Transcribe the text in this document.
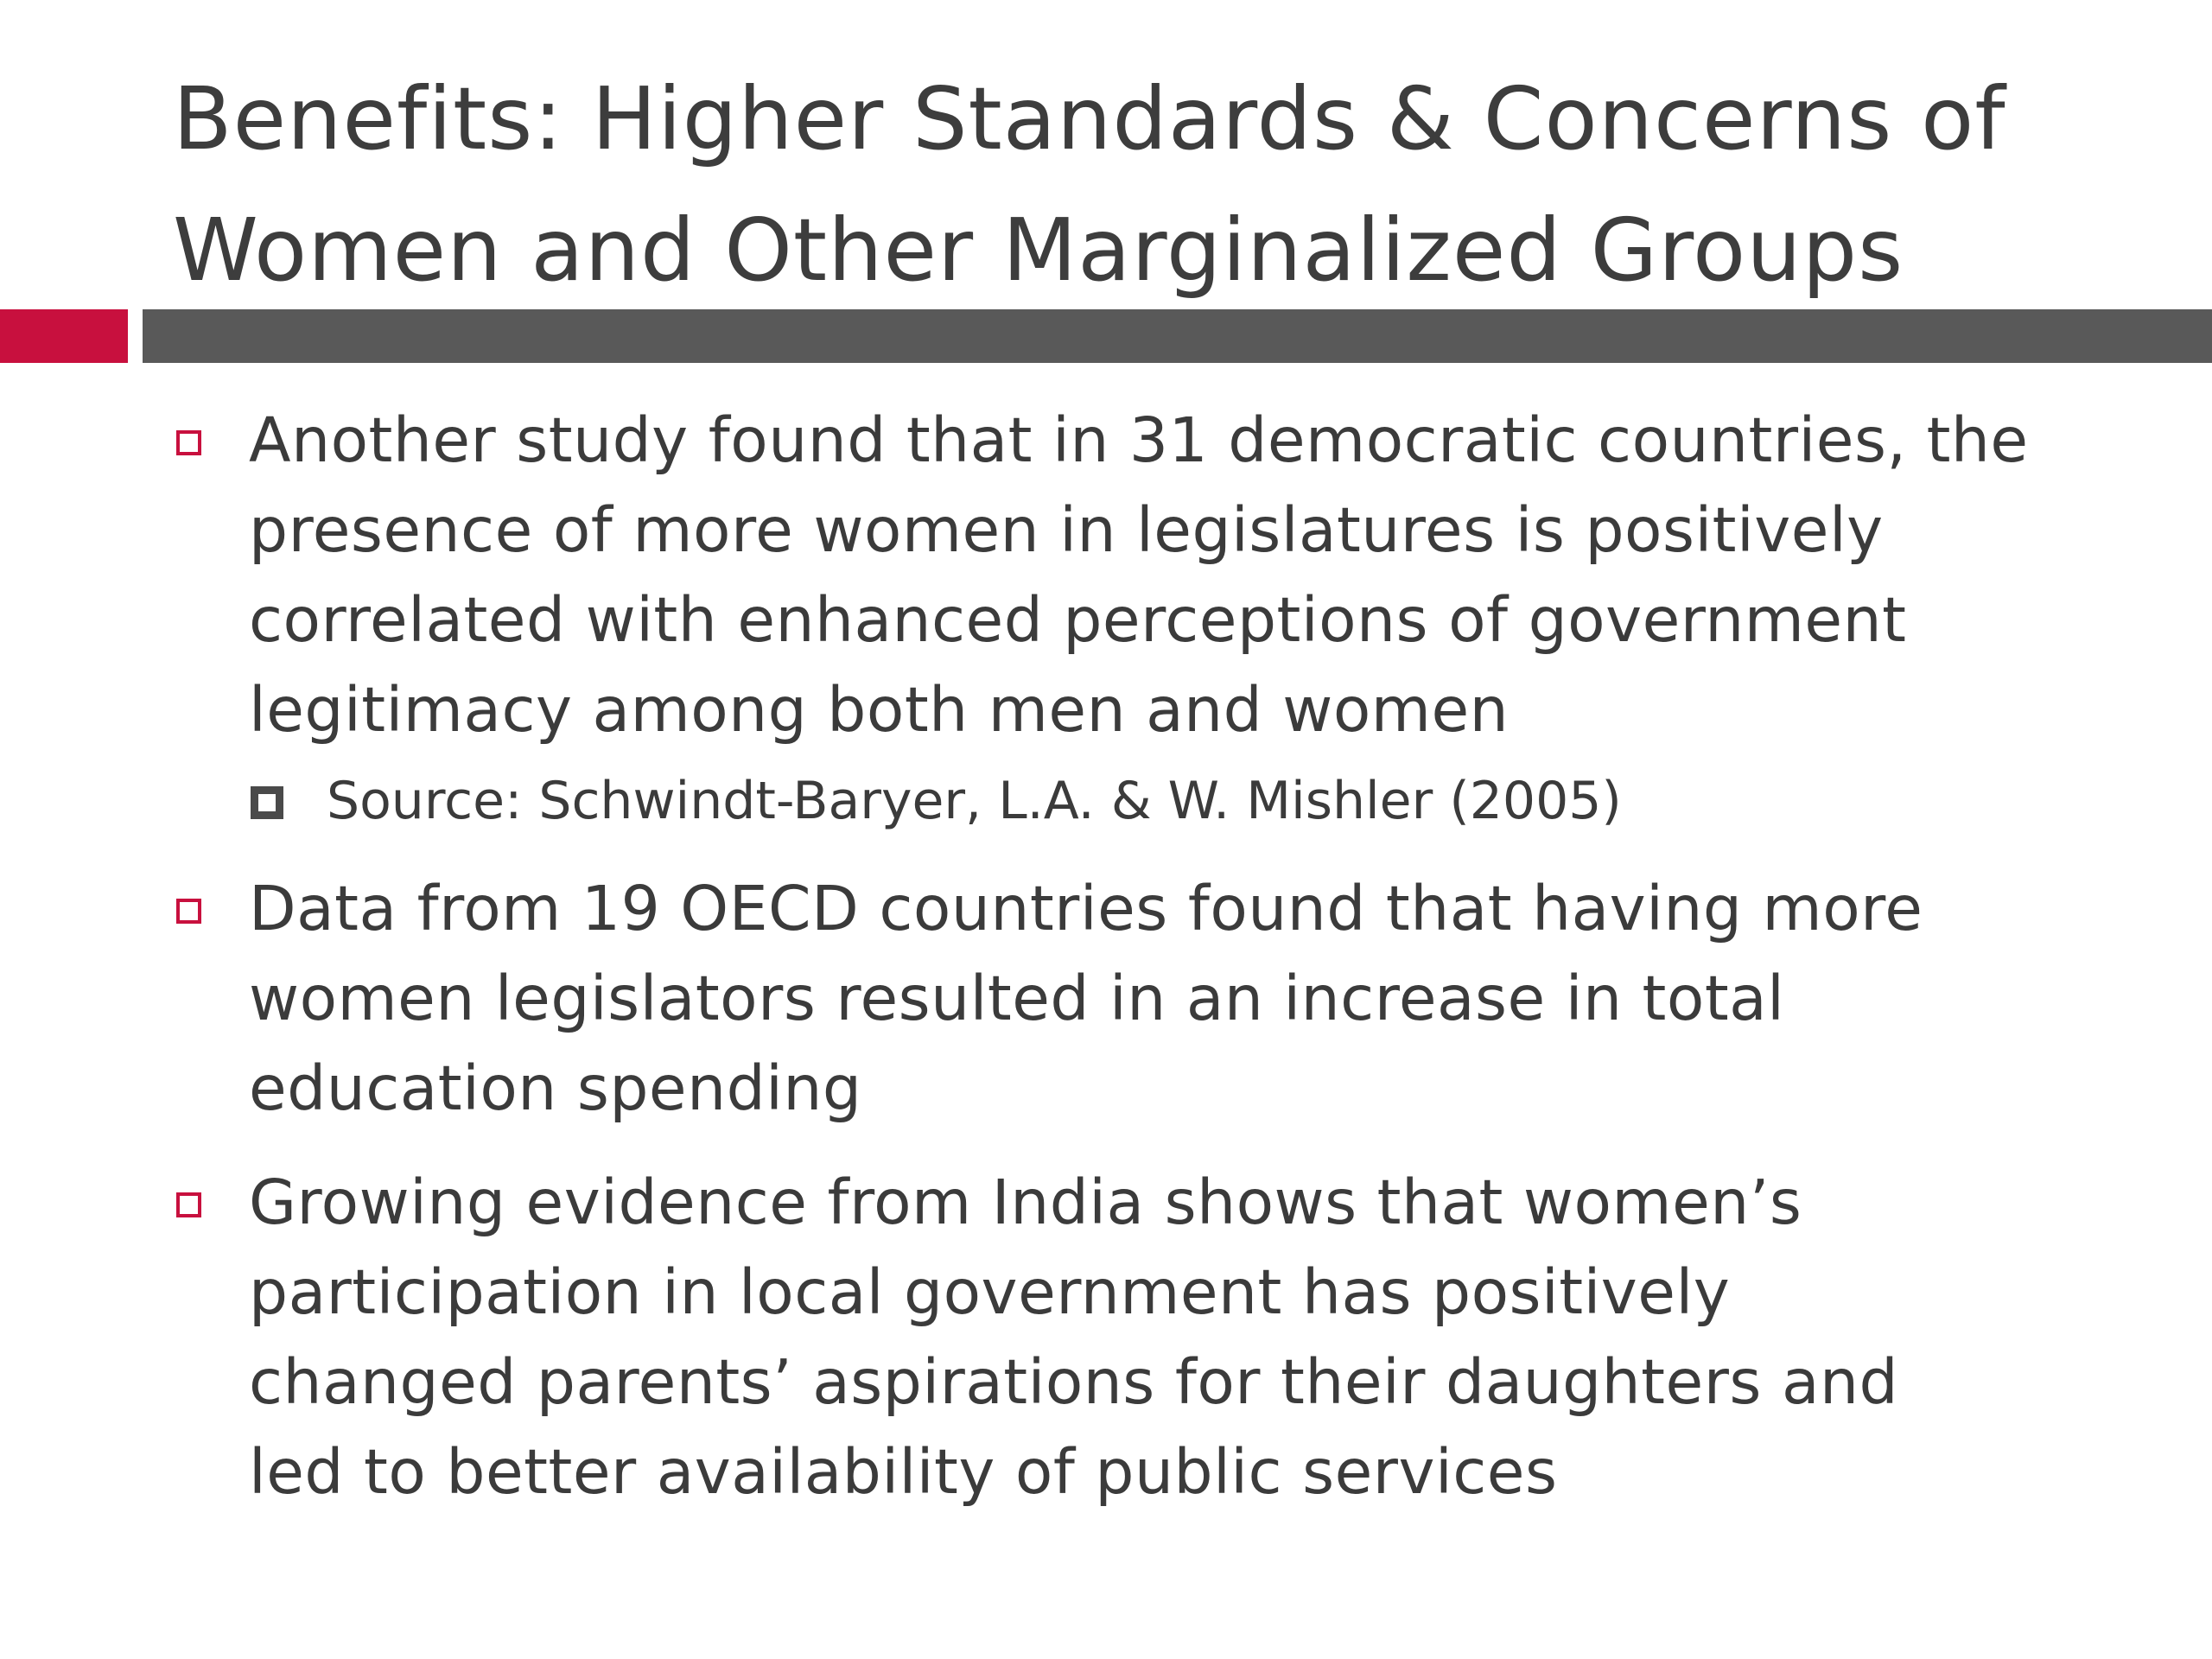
Benefits: Higher Standards & Concerns of
Women and Other Marginalized Groups
Another study found that in 31 democratic countries, the
presence of more women in legislatures is positively
correlated with enhanced perceptions of government
legitimacy among both men and women
Source: Schwindt-Baryer, L.A. & W. Mishler (2005)
Data from 19 OECD countries found that having more
women legislators resulted in an increase in total
education spending
Growing evidence from India shows that women’s
participation in local government has positively
changed parents’ aspirations for their daughters and
led to better availability of public services
